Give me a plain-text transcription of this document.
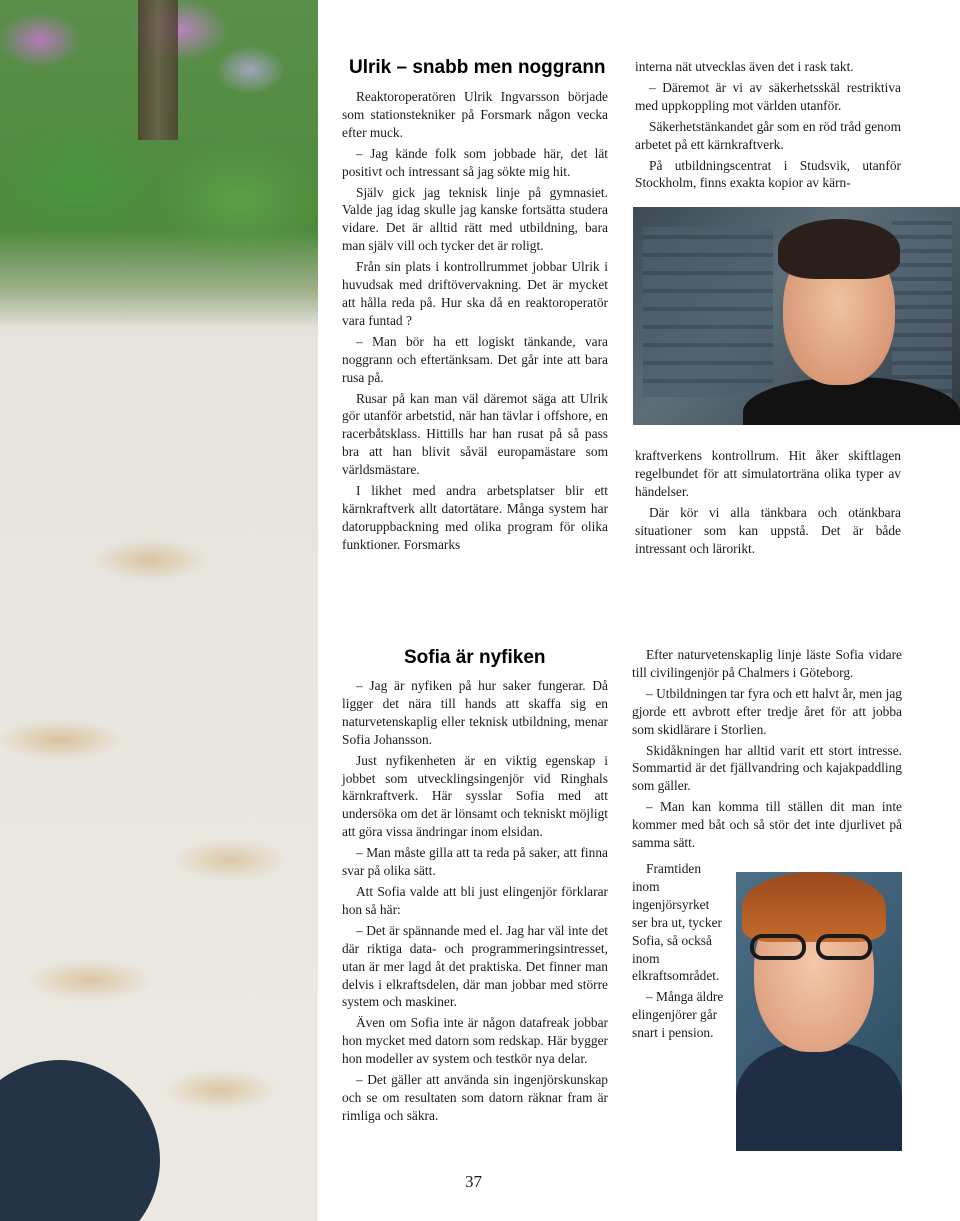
Ulrik – snabb men noggrann

Reaktoroperatören Ulrik Ingvarsson började som stationstekniker på Forsmark någon vecka efter muck.

– Jag kände folk som jobbade här, det lät positivt och intressant så jag sökte mig hit.

Själv gick jag teknisk linje på gymnasiet. Valde jag idag skulle jag kanske fortsätta studera vidare. Det är alltid rätt med utbildning, bara man själv vill och tycker det är roligt.

Från sin plats i kontrollrummet jobbar Ulrik i huvudsak med driftövervakning. Det är mycket att hålla reda på. Hur ska då en reaktoroperatör vara funtad ?

– Man bör ha ett logiskt tänkande, vara noggrann och eftertänksam. Det går inte att bara rusa på.

Rusar på kan man väl däremot säga att Ulrik gör utanför arbetstid, när han tävlar i offshore, en racerbåtsklass. Hittills har han rusat på så pass bra att han blivit såväl europamästare som världsmästare.

I likhet med andra arbetsplatser blir ett kärnkraftverk allt datortätare. Många system har datoruppbackning med olika program för olika funktioner. Forsmarks

interna nät utvecklas även det i rask takt.

– Däremot är vi av säkerhetsskäl restriktiva med uppkoppling mot världen utanför.

Säkerhetstänkandet går som en röd tråd genom arbetet på ett kärnkraftverk.

På utbildningscentrat i Studsvik, utanför Stockholm, finns exakta kopior av kärn-

kraftverkens kontrollrum. Hit åker skiftlagen regelbundet för att simulatorträna olika typer av händelser.

Där kör vi alla tänkbara och otänkbara situationer som kan uppstå. Det är både intressant och lärorikt.

Sofia är nyfiken

– Jag är nyfiken på hur saker fungerar. Då ligger det nära till hands att skaffa sig en naturvetenskaplig eller teknisk utbildning, menar Sofia Johansson.

Just nyfikenheten är en viktig egenskap i jobbet som utvecklingsingenjör vid Ringhals kärnkraftverk. Här sysslar Sofia med att undersöka om det är lönsamt och tekniskt möjligt att göra vissa ändringar inom elsidan.

– Man måste gilla att ta reda på saker, att finna svar på olika sätt.

Att Sofia valde att bli just elingenjör förklarar hon så här:

– Det är spännande med el. Jag har väl inte det där riktiga data- och programmeringsintresset, utan är mer lagd åt det praktiska. Det finner man delvis i elkraftsdelen, där man jobbar med större system och maskiner.

Även om Sofia inte är någon datafreak jobbar hon mycket med datorn som redskap. Här bygger hon modeller av system och testkör nya delar.

– Det gäller att använda sin ingenjörskunskap och se om resultaten som datorn räknar fram är rimliga och säkra.

Efter naturvetenskaplig linje läste Sofia vidare till civilingenjör på Chalmers i Göteborg.

– Utbildningen tar fyra och ett halvt år, men jag gjorde ett avbrott efter tredje året för att jobba som skidlärare i Storlien.

Skidåkningen har alltid varit ett stort intresse. Sommartid är det fjällvandring och kajakpaddling som gäller.

– Man kan komma till ställen dit man inte kommer med båt och så stör det inte djurlivet på samma sätt.

Framtiden inom ingenjörsyrket ser bra ut, tycker Sofia, så också inom elkraftsområdet.

– Många äldre elingenjörer går snart i pension.

37
